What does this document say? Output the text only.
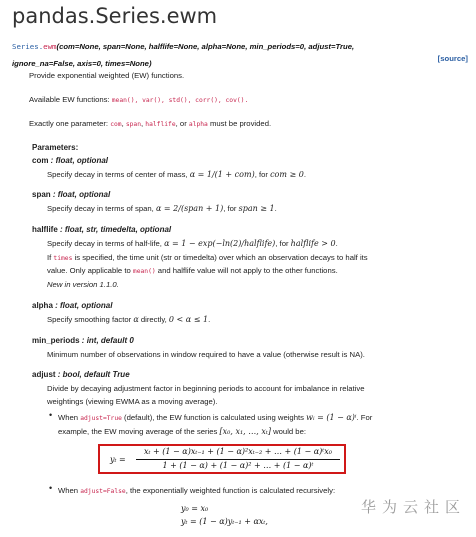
pandas.Series.ewm
Series.ewm(com=None, span=None, halflife=None, alpha=None, min_periods=0, adjust=True,
ignore_na=False, axis=0, times=None)
[source]
Provide exponential weighted (EW) functions.
Available EW functions: mean(), var(), std(), corr(), cov().
Exactly one parameter: com, span, halflife, or alpha must be provided.
Parameters:
com : float, optional
Specify decay in terms of center of mass, α = 1/(1 + com), for com ≥ 0.
span : float, optional
Specify decay in terms of span, α = 2/(span + 1), for span ≥ 1.
halflife : float, str, timedelta, optional
Specify decay in terms of half-life, α = 1 − exp(−ln(2)/halflife), for halflife > 0.
If times is specified, the time unit (str or timedelta) over which an observation decays to half its
value. Only applicable to mean() and halflife value will not apply to the other functions.
New in version 1.1.0.
alpha : float, optional
Specify smoothing factor α directly, 0 < α ≤ 1.
min_periods : int, default 0
Minimum number of observations in window required to have a value (otherwise result is NA).
adjust : bool, default True
Divide by decaying adjustment factor in beginning periods to account for imbalance in relative
weightings (viewing EWMA as a moving average).
• When adjust=True (default), the EW function is calculated using weights wᵢ = (1 − α)ⁱ. For
example, the EW moving average of the series [x₀, x₁, …, xₜ] would be:
yₜ =
xₜ + (1 − α)xₜ₋₁ + (1 − α)²xₜ₋₂ + … + (1 − α)ᵗx₀
1 + (1 − α) + (1 − α)² + … + (1 − α)ᵗ
• When adjust=False, the exponentially weighted function is calculated recursively:
y₀ = x₀
yₜ = (1 − α)yₜ₋₁ + αxₜ,
华为云社区
